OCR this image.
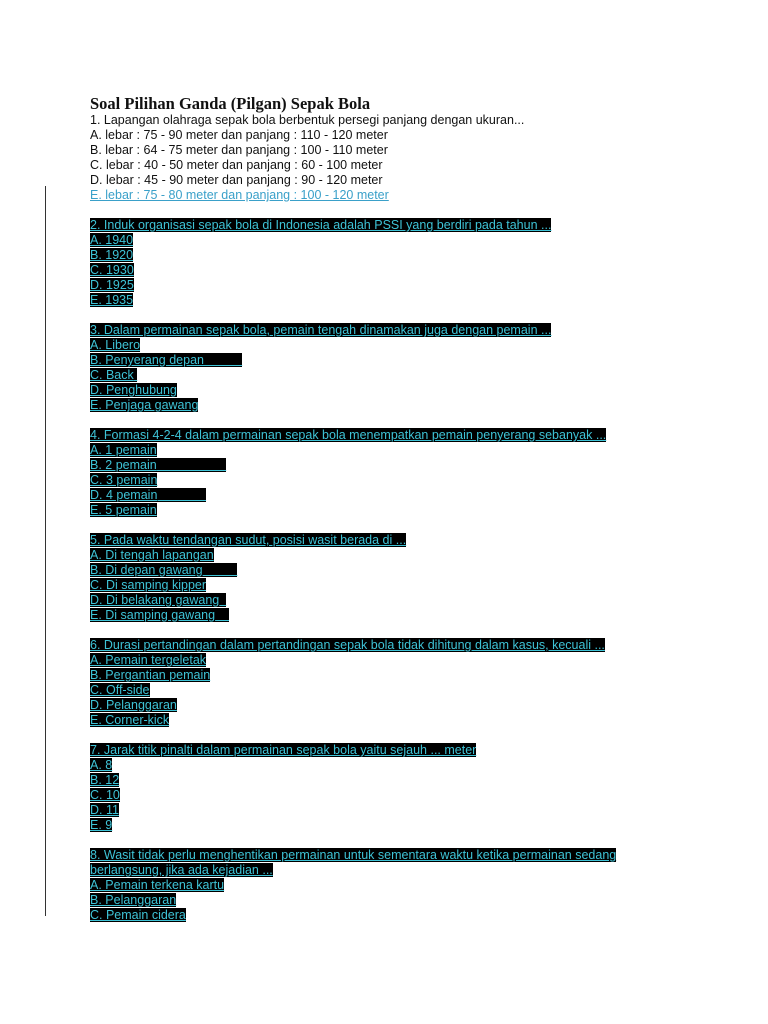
Soal Pilihan Ganda (Pilgan) Sepak Bola
1. Lapangan olahraga sepak bola berbentuk persegi panjang dengan ukuran...
A. lebar : 75 - 90 meter dan panjang : 110 - 120 meter
B. lebar : 64 - 75 meter dan panjang : 100 - 110 meter
C. lebar : 40 - 50 meter dan panjang : 60 - 100 meter
D. lebar : 45 - 90 meter dan panjang : 90 - 120 meter
E. lebar : 75 - 80 meter dan panjang : 100 - 120 meter
2. Induk organisasi sepak bola di Indonesia adalah PSSI yang berdiri pada tahun ...
A. 1940
B. 1920
C. 1930
D. 1925
E. 1935
3. Dalam permainan sepak bola, pemain tengah dinamakan juga dengan pemain ...
A. Libero
B. Penyerang depan
C. Back
D. Penghubung
E. Penjaga gawang
4. Formasi 4-2-4 dalam permainan sepak bola menempatkan pemain penyerang sebanyak ...
A. 1 pemain
B. 2 pemain
C. 3 pemain
D. 4 pemain
E. 5 pemain
5. Pada waktu tendangan sudut, posisi wasit berada di ...
A. Di tengah lapangan
B. Di depan gawang
C. Di samping kipper
D. Di belakang gawang
E. Di samping gawang
6. Durasi pertandingan dalam pertandingan sepak bola tidak dihitung dalam kasus, kecuali ...
A. Pemain tergeletak
B. Pergantian pemain
C. Off-side
D. Pelanggaran
E. Corner-kick
7. Jarak titik pinalti dalam permainan sepak bola yaitu sejauh ... meter
A. 8
B. 12
C. 10
D. 11
E. 9
8. Wasit tidak perlu menghentikan permainan untuk sementara waktu ketika permainan sedang berlangsung, jika ada kejadian ...
A. Pemain terkena kartu
B. Pelanggaran
C. Pemain cidera
